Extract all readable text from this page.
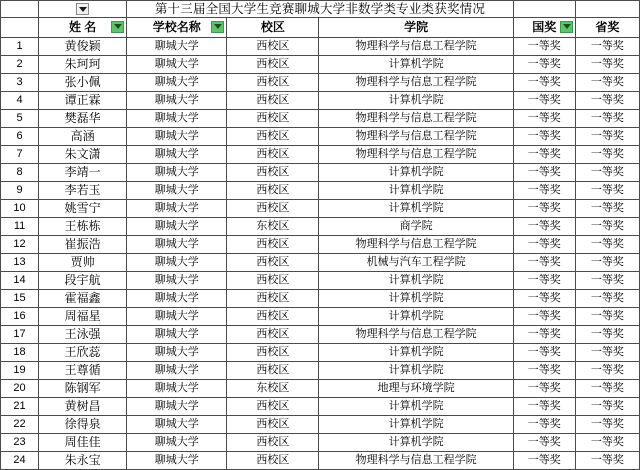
		第十三届全国大学生竞赛聊城大学非数学类专业类获奖情况				
	姓 名	学校名称	校区	学院	国奖	省奖
1	黄俊颖	聊城大学	西校区	物理科学与信息工程学院	一等奖	一等奖
2	朱珂珂	聊城大学	西校区	计算机学院	一等奖	一等奖
3	张小佩	聊城大学	西校区	物理科学与信息工程学院	一等奖	一等奖
4	谭正霖	聊城大学	西校区	计算机学院	一等奖	一等奖
5	樊磊华	聊城大学	西校区	物理科学与信息工程学院	一等奖	一等奖
6	高涵	聊城大学	西校区	物理科学与信息工程学院	一等奖	一等奖
7	朱文潇	聊城大学	西校区	物理科学与信息工程学院	一等奖	一等奖
8	李靖一	聊城大学	西校区	计算机学院	一等奖	一等奖
9	李若玉	聊城大学	西校区	计算机学院	一等奖	一等奖
10	姚雪宁	聊城大学	西校区	计算机学院	一等奖	一等奖
11	王栋栋	聊城大学	东校区	商学院	一等奖	一等奖
12	崔振浩	聊城大学	西校区	物理科学与信息工程学院	一等奖	一等奖
13	贾帅	聊城大学	西校区	机械与汽车工程学院	一等奖	一等奖
14	段宇航	聊城大学	西校区	计算机学院	一等奖	一等奖
15	霍福鑫	聊城大学	西校区	计算机学院	一等奖	一等奖
16	周福星	聊城大学	西校区	计算机学院	一等奖	一等奖
17	王泳强	聊城大学	西校区	物理科学与信息工程学院	一等奖	一等奖
18	王欣蕊	聊城大学	西校区	计算机学院	一等奖	一等奖
19	王尊循	聊城大学	西校区	计算机学院	一等奖	一等奖
20	陈钢军	聊城大学	东校区	地理与环境学院	一等奖	一等奖
21	黄树昌	聊城大学	西校区	计算机学院	一等奖	一等奖
22	徐得泉	聊城大学	西校区	计算机学院	一等奖	一等奖
23	周佳佳	聊城大学	西校区	计算机学院	一等奖	一等奖
24	朱永宝	聊城大学	西校区	物理科学与信息工程学院	一等奖	一等奖
